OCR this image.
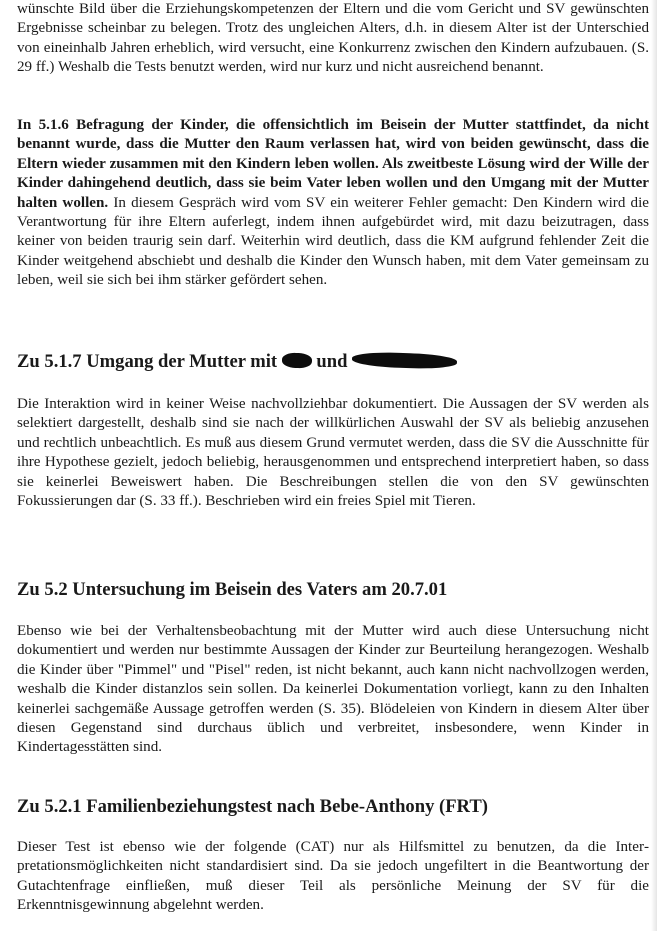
wünschte Bild über die Erziehungskompetenzen der Eltern und die vom Gericht und SV gewünschten Ergebnisse scheinbar zu belegen. Trotz des ungleichen Alters, d.h. in diesem Alter ist der Unterschied von eineinhalb Jahren erheblich, wird versucht, eine Konkurrenz zwischen den Kindern aufzubauen. (S. 29 ff.) Weshalb die Tests benutzt werden, wird nur kurz und nicht ausreichend benannt.

In 5.1.6 Befragung der Kinder, die offensichtlich im Beisein der Mutter stattfindet, da nicht benannt wurde, dass die Mutter den Raum verlassen hat, wird von beiden gewünscht, dass die Eltern wieder zusammen mit den Kindern leben wollen. Als zweitbeste Lösung wird der Wille der Kinder dahingehend deutlich, dass sie beim Vater leben wollen und den Umgang mit der Mutter halten wollen. In diesem Gespräch wird vom SV ein weiterer Fehler gemacht: Den Kindern wird die Verantwortung für ihre Eltern auferlegt, indem ihnen aufgebürdet wird, mit dazu beizutragen, dass keiner von beiden traurig sein darf. Weiterhin wird deutlich, dass die KM aufgrund fehlender Zeit die Kinder weitgehend abschiebt und deshalb die Kinder den Wunsch haben, mit dem Vater gemeinsam zu leben, weil sie sich bei ihm stärker gefördert sehen.

Zu 5.1.7 Umgang der Mutter mit  und

Die Interaktion wird in keiner Weise nachvollziehbar dokumentiert. Die Aussagen der SV werden als selektiert dargestellt, deshalb sind sie nach der willkürlichen Auswahl der SV als beliebig anzusehen und rechtlich unbeachtlich. Es muß aus diesem Grund vermutet werden, dass die SV die Ausschnitte für ihre Hypothese gezielt, jedoch beliebig, herausgenommen und entsprechend interpretiert haben, so dass sie keinerlei Beweiswert haben. Die Beschreibungen stellen die von den SV gewünschten Fokussierungen dar (S. 33 ff.). Beschrieben wird ein freies Spiel mit Tieren.

Zu 5.2 Untersuchung im Beisein des Vaters am 20.7.01

Ebenso wie bei der Verhaltensbeobachtung mit der Mutter wird auch diese Untersuchung nicht dokumentiert und werden nur bestimmte Aussagen der Kinder zur Beurteilung herangezogen. Weshalb die Kinder über "Pimmel" und "Pisel" reden, ist nicht bekannt, auch kann nicht nachvollzogen werden, weshalb die Kinder distanzlos sein sollen. Da keinerlei Dokumentation vorliegt, kann zu den Inhalten keinerlei sachgemäße Aussage getroffen werden (S. 35). Blödeleien von Kindern in diesem Alter über diesen Gegenstand sind durchaus üblich und verbreitet, insbesondere, wenn Kinder in Kindertagesstätten sind.

Zu 5.2.1 Familienbeziehungstest nach Bebe-Anthony (FRT)

Dieser Test ist ebenso wie der folgende (CAT) nur als Hilfsmittel zu benutzen, da die Interpretationsmöglichkeiten nicht standardisiert sind. Da sie jedoch ungefiltert in die Beantwortung der Gutachtenfrage einfließen, muß dieser Teil als persönliche Meinung der SV für die Erkenntnisgewinnung abgelehnt werden.
